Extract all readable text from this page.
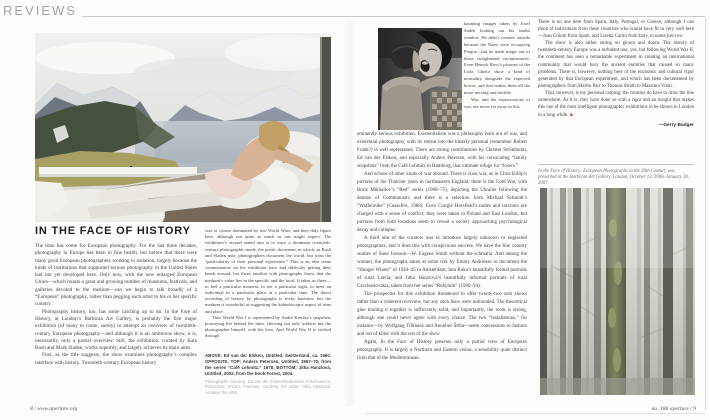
REVIEWS
IN THE FACE OF HISTORY

The time has come for European photography. For the last three decades, photography in Europe has been in fine health, but before that there were many good European photographers working in isolation, largely because the kinds of institutions that supported serious photography in the United States had not yet developed here. Only now, with the new enlarged European Union—which boasts a great and growing number of museums, festivals, and galleries devoted to the medium—can we begin to talk broadly of a “European” photography, rather than pegging each artist to his or her specific country.

Photography history, too, has some catching up to do. In the Face of History, at London’s Barbican Art Gallery, is probably the first major exhibition (of many to come, surely) to attempt an overview of twentieth-century European photography—and although it is an ambitious show, it is, necessarily, only a partial overview. Still, the exhibition, curated by Kate Bush and Mark Sladen, works superbly, and largely achieves its main aims.

First, as the title suggests, the show examines photography’s complex interface with history. Twentieth-century European history

was of course dominated by two World Wars, and they duly figure here, although not quite as much as one might expect. The exhibition’s second stated aim is to trace a dominant twentieth-century photographic mode, the poetic document, in which, as Bush and Sladen note, photographers document the world, but from the “particularity of their personal experience.” This is an idea some commentators on the exhibition have had difficulty getting their heads around, but those familiar with photography know that the medium’s value lies in the specific and the local. It takes us there—to feel a particular moment, to see a particular sight, to meet an individual in a particular place at a particular time. The direct recording of history by photographs is tricky business, but the medium is wonderful at suggesting the kaleidoscopic aspect of time and place.

Thus World War I is represented by André Kertész’s snapshots portraying life behind the lines, showing not only soldiers but the photographer himself, with his love. And World War II is evoked through

ABOVE: Ed van der Elsken, Untitled, Switzerland, ca. 1960. OPPOSITE, TOP: Anders Petersen, Untitled, 1967–70, from the series “Café Lehmitz,” 1978; BOTTOM: Jitka Hanzlová, Untitled, 2002, from the book Forest, 2004.
Photographs courtesy: Ed van der Elsken/Nederlands Fotomuseum, Rotterdam; Anders Petersen, courtesy the artist; Jitka Hanzlová, courtesy the artist.

haunting images taken by Josef Sudek looking out his studio window. He didn’t venture outside because the Nazis were occupying Prague—but he made magic out of those straightened circumstances. Even Henryk Ross’s pictures of the Lodz Ghetto show a kind of normality alongside the expected horror, and that makes them all the more moving and terrible.

War, and the repercussions of war, are never far away in this

eminently serious exhibition. Existentialism was a philosophy born out of war, and existential photography, with its retreat into the bleakly personal (remember Robert Frank?) is well represented. There are strong contributions by Christer Strömholm, Ed van der Elsken, and especially Anders Petersen, with his coruscating “family snapshots” from the Café Lehmitz in Hamburg, that ultimate refuge for “losers.”

And echoes of other kinds of war abound. There is class war, as in Chris Killip’s pictures of the Thatcher years in northeastern England; there is the Cold War, with Boris Mikhailov’s “Red” series (1968–75), depicting the Ukraine following the demise of Communism; and there is a selection from Michael Schmidt’s “Waffenruhe” (Ceasefire, 1988). Even Craigie Horsfield’s nudes and interiors are charged with a sense of conflict; they were taken in Poland and East London, but pictures from both locations seem to reveal a society approaching psychological decay and collapse.

A third aim of the curators was to introduce largely unknown or neglected photographers, and it does this with conspicuous success. We have the fine country studies of Sune Jonsson—W. Eugene Smith without the schmaltz. And among the women, the photographs taken at some risk by Emmy Andriesse to document the “Hunger Winter” of 1944–45 in Amsterdam; Inta Ruka’s beautifully formal portraits of rural Latvia; and Jitka Hanzlová’s beautifully informal portraits of rural Czechoslovakia, taken from her series “Rokytník” (1990–94).

The prospectus for this exhibition threatened to offer twenty-two solo shows rather than a coherent overview, but any such fears were unfounded. The theoretical glue binding it together is sufficiently solid, and importantly, the work is strong, although one could never agree with every choice. The two “installations,” for instance—by Wolfgang Tillmans and Annelies Štrba—seem concessions to fashion and out of kilter with the rest of the show.

Again, In the Face of History presents only a partial view of European photography. It is largely a Northern and Eastern vision, a sensibility quite distinct from that of the Mediterranean.

There is no one here from Spain, Italy, Portugal, or Greece, although I can think of individuals from these countries who would have fit in very well here—Joan Colom from Spain, and Lisetta Carmi from Italy, to name just two.

The show is also rather strong on gloom and doom. The history of twentieth-century Europe was a turbulent one, yes, but following World War II, the continent has seen a remarkable experiment in creating an international community that would bury the ancient enmities that caused so many problems. There is, however, nothing here of the economic and cultural vigor generated by that European experiment, and which has been documented by photographers from Martin Parr to Thomas Struth to Massimo Vitali.

That, however, is my personal carping; the curators do have to draw the line somewhere. As it is, they have done so with a rigor and an insight that makes this one of the most intelligent photographic exhibitions to be shown in London in a long while. ◆

—Gerry Badger
In the Face of History: European Photographs in the 20th Century was presented at the Barbican Art Gallery, London, October 13, 2006–January 28, 2007.
8 / www.aperture.org	no. 186 aperture / 9
